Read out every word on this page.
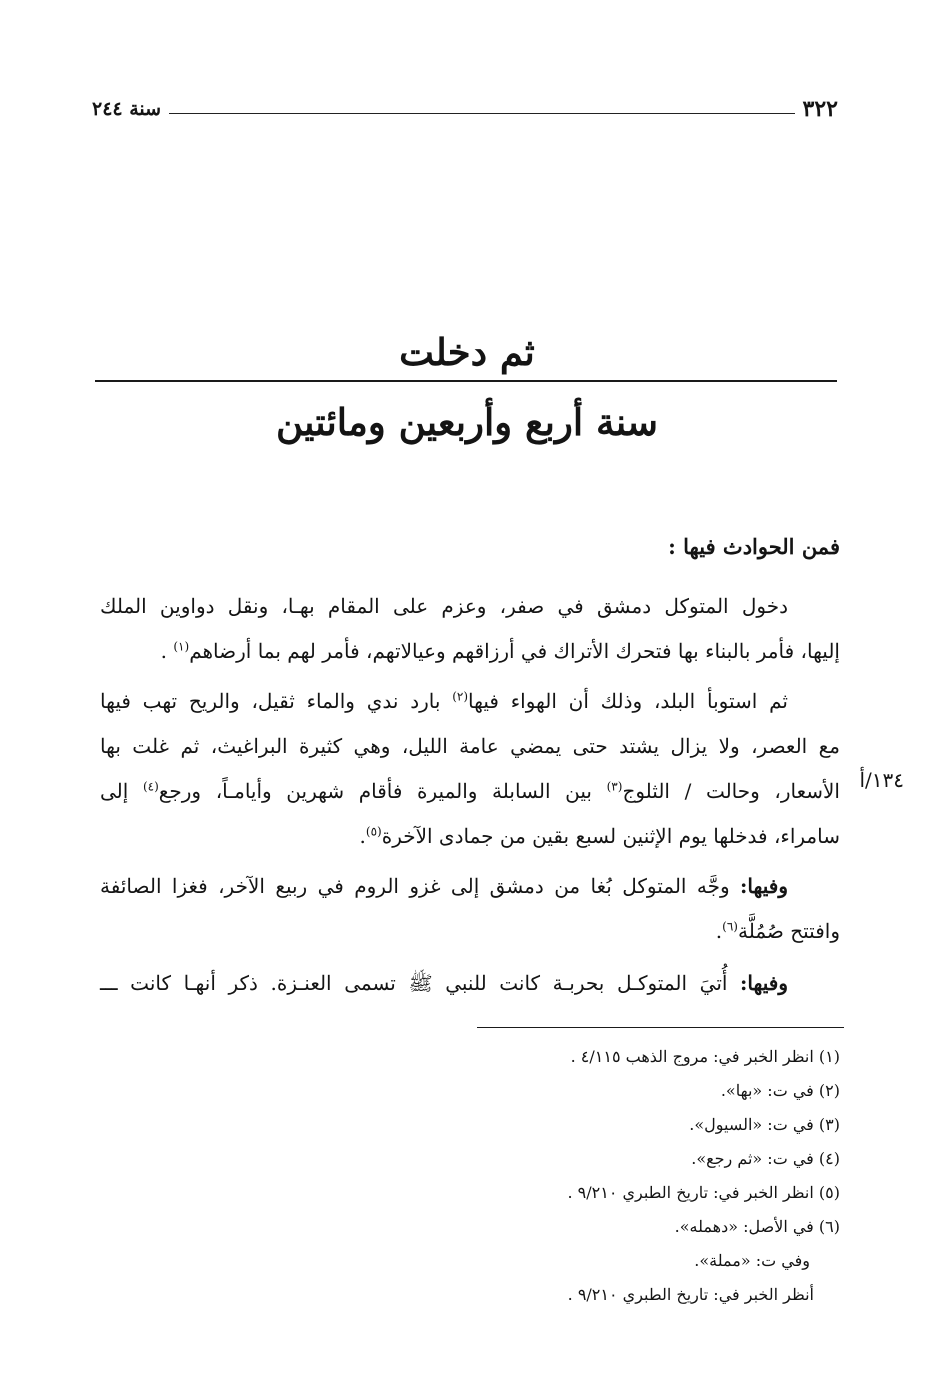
٣٢٢
سنة ٢٤٤
ثم دخلت
سنة أربع وأربعين ومائتين
فمن الحوادث فيها :
دخول المتوكل دمشق في صفر، وعزم على المقام بهـا، ونقل دواوين الملك
إليها، فأمر بالبناء بها فتحرك الأتراك في أرزاقهم وعيالاتهم، فأمر لهم بما أرضاهم$^{(١)}$ .
ثم استوبأ البلد، وذلك أن الهواء فيها$^{(٢)}$ بارد ندي والماء ثقيل، والريح تهب فيها
مع العصر، ولا يزال يشتد حتى يمضي عامة الليل، وهي كثيرة البراغيث، ثم غلت بها
الأسعار، وحالت / الثلوج$^{(٣)}$ بين السابلة والميرة فأقام شهرين وأيامـاً، ورجع$^{(٤)}$ إلى
سامراء، فدخلها يوم الإثنين لسبع بقين من جمادى الآخرة$^{(٥)}$.
١٣٤/أ
وفيها: وجَّه المتوكل بُغا من دمشق إلى غزو الروم في ربيع الآخر، فغزا الصائفة
وافتتح صُمُلَّة$^{(٦)}$.
وفيها: أُتيَ المتوكـل بحربـة كانت للنبي ﷺ تسمى العنـزة. ذكر أنهـا كانت ـــ
(١) انظر الخبر في: مروج الذهب ٤/١١٥ .
(٢) في ت: «بها».
(٣) في ت: «السيول».
(٤) في ت: «ثم رجع».
(٥) انظر الخبر في: تاريخ الطبري ٩/٢١٠ .
(٦) في الأصل: «دهمله».
وفي ت: «مملة».
أنظر الخبر في: تاريخ الطبري ٩/٢١٠ .
